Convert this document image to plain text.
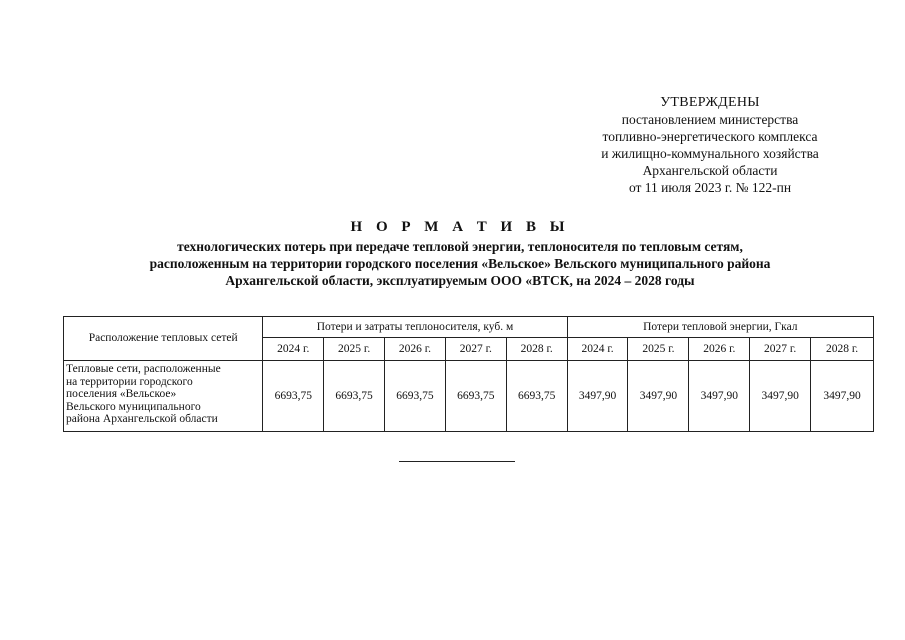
УТВЕРЖДЕНЫ
постановлением министерства
топливно-энергетического комплекса
и жилищно-коммунального хозяйства
Архангельской области
от 11 июля 2023 г. № 122-пн
Н О Р М А Т И В Ы
технологических потерь при передаче тепловой энергии, теплоносителя по тепловым сетям,
расположенным на территории городского поселения «Вельское» Вельского муниципального района
Архангельской области, эксплуатируемым ООО «ВТСК, на 2024 – 2028 годы
Расположение тепловых сетей	Потери и затраты теплоносителя, куб. м					Потери тепловой энергии, Гкал				
	2024 г.	2025 г.	2026 г.	2027 г.	2028 г.	2024 г.	2025 г.	2026 г.	2027 г.	2028 г.

Тепловые сети, расположенные
на территории городского
поселения «Вельское»
Вельского муниципального
района Архангельской области	6693,75	6693,75	6693,75	6693,75	6693,75	3497,90	3497,90	3497,90	3497,90	3497,90
